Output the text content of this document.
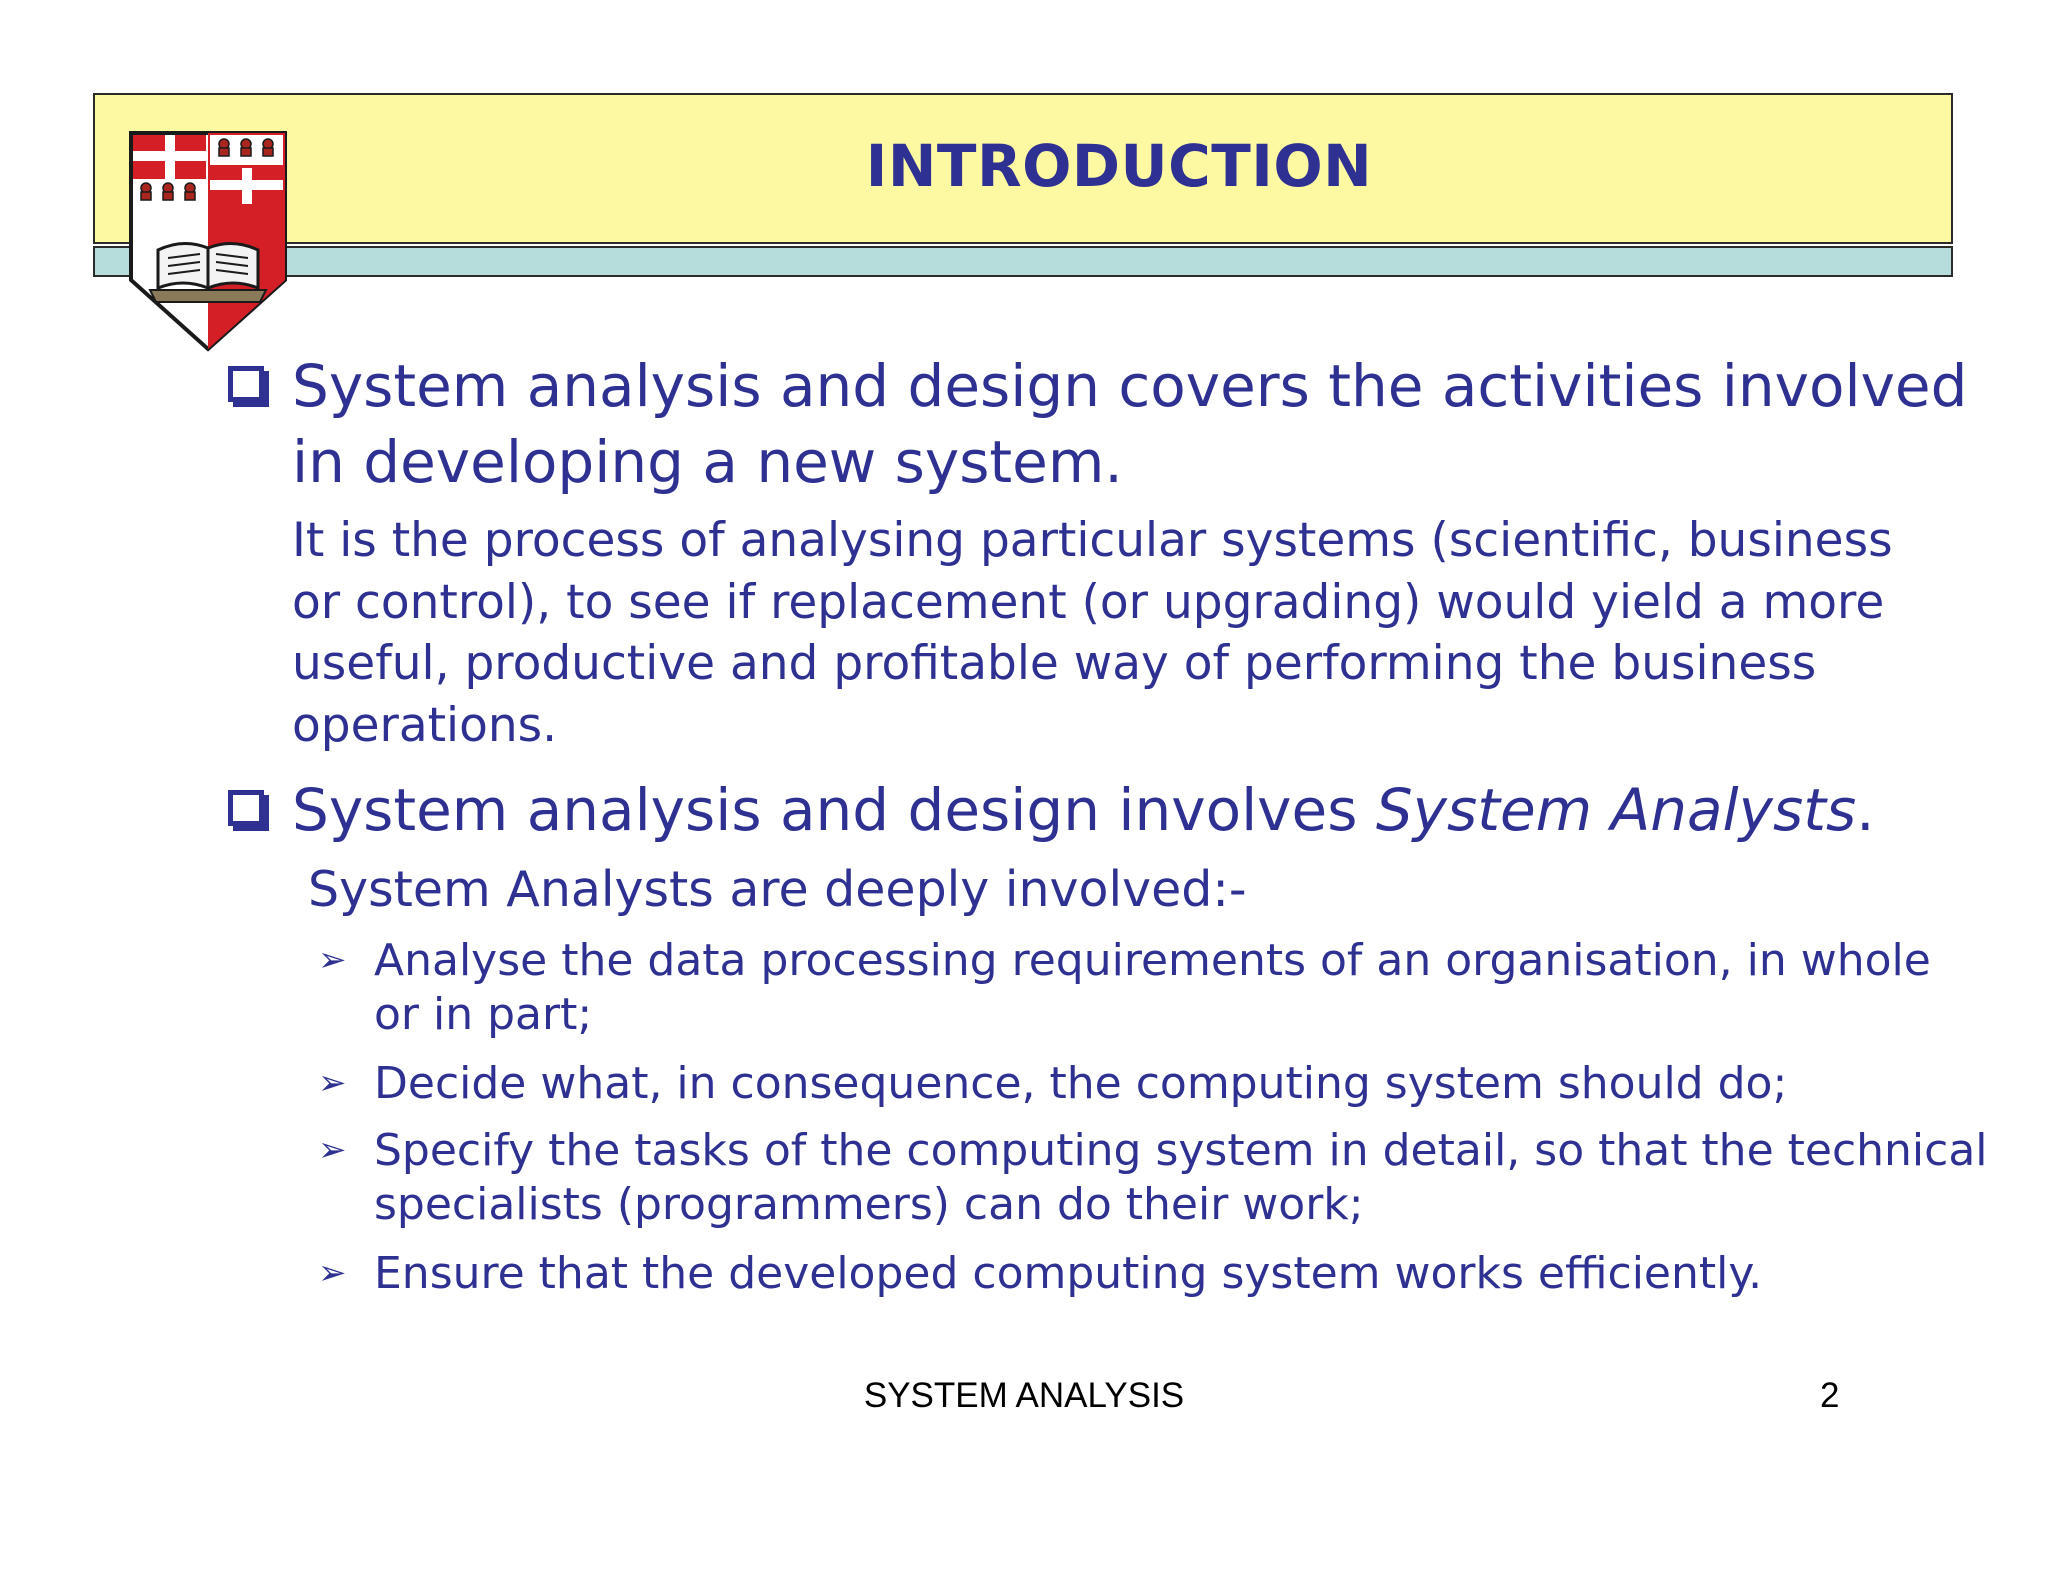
INTRODUCTION
System analysis and design covers the activities involved
in developing a new system.
It is the process of analysing particular systems (scientific, business
or control), to see if replacement (or upgrading) would yield a more
useful, productive and profitable way of performing the business
operations.
System analysis and design involves System Analysts.
System Analysts are deeply involved:-
➢ Analyse the data processing requirements of an organisation, in whole
or in part;
➢ Decide what, in consequence, the computing system should do;
➢ Specify the tasks of the computing system in detail, so that the technical
specialists (programmers) can do their work;
➢ Ensure that the developed computing system works efficiently.
SYSTEM ANALYSIS	2
